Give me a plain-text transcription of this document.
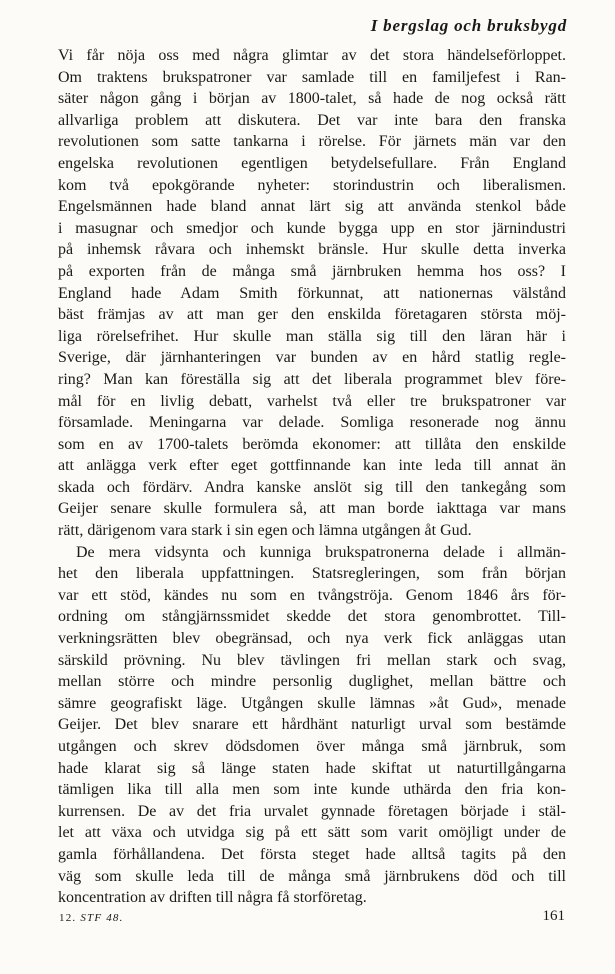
I bergslag och bruksbygd
Vi får nöja oss med några glimtar av det stora händelseförloppet.
Om traktens brukspatroner var samlade till en familjefest i Ran-
säter någon gång i början av 1800-talet, så hade de nog också rätt
allvarliga problem att diskutera. Det var inte bara den franska
revolutionen som satte tankarna i rörelse. För järnets män var den
engelska revolutionen egentligen betydelsefullare. Från England
kom två epokgörande nyheter: storindustrin och liberalismen.
Engelsmännen hade bland annat lärt sig att använda stenkol både
i masugnar och smedjor och kunde bygga upp en stor järnindustri
på inhemsk råvara och inhemskt bränsle. Hur skulle detta inverka
på exporten från de många små järnbruken hemma hos oss? I
England hade Adam Smith förkunnat, att nationernas välstånd
bäst främjas av att man ger den enskilda företagaren största möj-
liga rörelsefrihet. Hur skulle man ställa sig till den läran här i
Sverige, där järnhanteringen var bunden av en hård statlig regle-
ring? Man kan föreställa sig att det liberala programmet blev före-
mål för en livlig debatt, varhelst två eller tre brukspatroner var
församlade. Meningarna var delade. Somliga resonerade nog ännu
som en av 1700-talets berömda ekonomer: att tillåta den enskilde
att anlägga verk efter eget gottfinnande kan inte leda till annat än
skada och fördärv. Andra kanske anslöt sig till den tankegång som
Geijer senare skulle formulera så, att man borde iakttaga var mans
rätt, därigenom vara stark i sin egen och lämna utgången åt Gud.
De mera vidsynta och kunniga brukspatronerna delade i allmän-
het den liberala uppfattningen. Statsregleringen, som från början
var ett stöd, kändes nu som en tvångströja. Genom 1846 års för-
ordning om stångjärnssmidet skedde det stora genombrottet. Till-
verkningsrätten blev obegränsad, och nya verk fick anläggas utan
särskild prövning. Nu blev tävlingen fri mellan stark och svag,
mellan större och mindre personlig duglighet, mellan bättre och
sämre geografiskt läge. Utgången skulle lämnas »åt Gud», menade
Geijer. Det blev snarare ett hårdhänt naturligt urval som bestämde
utgången och skrev dödsdomen över många små järnbruk, som
hade klarat sig så länge staten hade skiftat ut naturtillgångarna
tämligen lika till alla men som inte kunde uthärda den fria kon-
kurrensen. De av det fria urvalet gynnade företagen började i stäl-
let att växa och utvidga sig på ett sätt som varit omöjligt under de
gamla förhållandena. Det första steget hade alltså tagits på den
väg som skulle leda till de många små järnbrukens död och till
koncentration av driften till några få storföretag.
12. STF 48.	161
